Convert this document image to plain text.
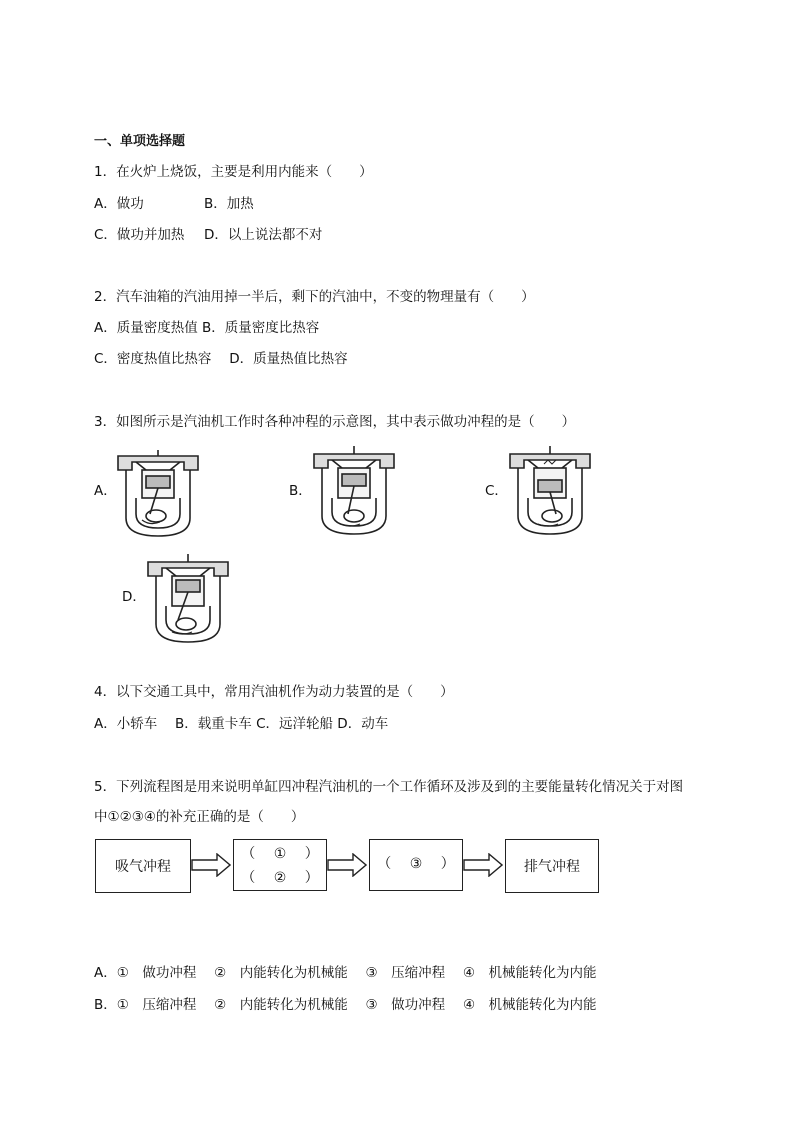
一、单项选择题
1．在火炉上烧饭，主要是利用内能来（　　）
A．做功	B．加热
C．做功并加热 D．以上说法都不对
2．汽车油箱的汽油用掉一半后，剩下的汽油中，不变的物理量有（　　）
A．质量密度热值 B．质量密度比热容
C．密度热值比热容　 D．质量热值比热容
3．如图所示是汽油机工作时各种冲程的示意图，其中表示做功冲程的是（　　）
A．	B．	C．
D．
4．以下交通工具中，常用汽油机作为动力装置的是（　　）
A．小轿车　 B．载重卡车 C．远洋轮船 D．动车
5．下列流程图是用来说明单缸四冲程汽油机的一个工作循环及涉及到的主要能量转化情况关于对图
中①②③④的补充正确的是（　　）
吸气冲程
（　 ①　 ）
（　 ②　 ）
（　 ③　 ）	排气冲程
A．①　做功冲程　 ②　内能转化为机械能　 ③　压缩冲程　 ④　机械能转化为内能
B．①　压缩冲程　 ②　内能转化为机械能　 ③　做功冲程　 ④　机械能转化为内能
